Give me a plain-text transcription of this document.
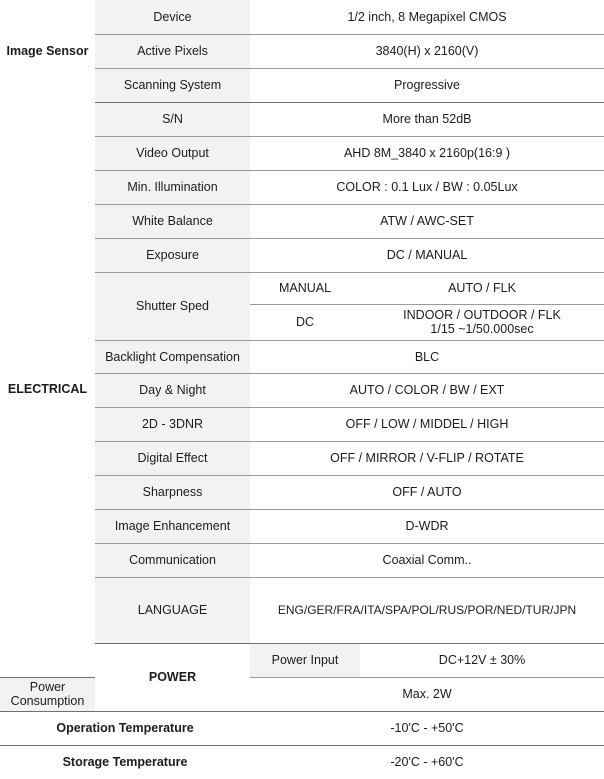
Image Sensor	Device	1/2 inch, 8 Megapixel CMOS	
	Active Pixels	3840(H) x 2160(V)	
	Scanning System	Progressive	
ELECTRICAL	S/N	More than 52dB	
	Video Output	AHD 8M_3840 x 2160p(16:9 )	
	Min. Illumination	COLOR : 0.1 Lux / BW : 0.05Lux	
	White Balance	ATW / AWC-SET	
	Exposure	DC / MANUAL	
	Shutter Sped	MANUAL	AUTO / FLK
		DC	INDOOR / OUTDOOR / FLK
1/15 ~1/50.000sec

	Backlight Compensation	BLC	
	Day & Night	AUTO / COLOR / BW / EXT	
	2D - 3DNR	OFF / LOW / MIDDEL / HIGH	
	Digital Effect	OFF / MIRROR / V-FLIP / ROTATE	
	Sharpness	OFF / AUTO	
	Image Enhancement	D-WDR	
	Communication	Coaxial Comm..	
	LANGUAGE	ENG/GER/FRA/ITA/SPA/POL/RUS/POR/NED/TUR/JPN	
	POWER	Power Input	DC+12V ± 30%
Power Consumption		Max. 2W	
Operation Temperature		-10'C - +50'C	
Storage Temperature		-20'C - +60'C	
